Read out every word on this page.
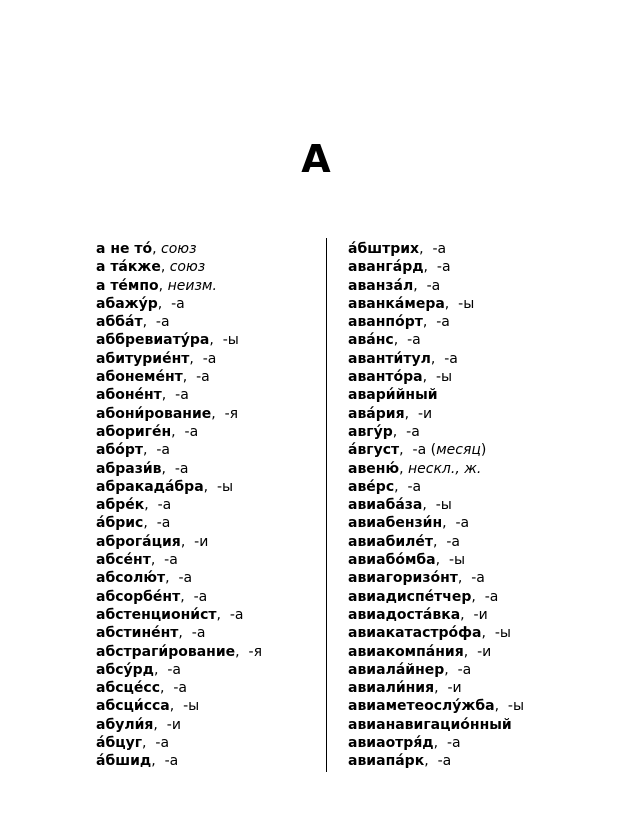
А
а не то́, союз
а та́кже, союз
а те́мпо, неизм.
абажу́р,  -а
абба́т,  -а
аббревиату́ра,  -ы
абитурие́нт,  -а
абонеме́нт,  -а
абоне́нт,  -а
абони́рование,  -я
абориге́н,  -а
або́рт,  -а
абрази́в,  -а
абракада́бра,  -ы
абре́к,  -а
а́брис,  -а
аброга́ция,  -и
абсе́нт,  -а
абсолю́т,  -а
абсорбе́нт,  -а
абстенциони́ст,  -а
абстине́нт,  -а
абстраги́рование,  -я
абсу́рд,  -а
абсце́сс,  -а
абсци́сса,  -ы
абули́я,  -и
а́бцуг,  -а
а́бшид,  -а
а́бштрих,  -а
аванга́рд,  -а
аванза́л,  -а
аванка́мера,  -ы
аванпо́рт,  -а
ава́нс,  -а
аванти́тул,  -а
аванто́ра,  -ы
авари́йный
ава́рия,  -и
авгу́р,  -а
а́вгуст,  -а (месяц)
авеню́, нескл., ж.
аве́рс,  -а
авиаба́за,  -ы
авиабензи́н,  -а
авиабиле́т,  -а
авиабо́мба,  -ы
авиагоризо́нт,  -а
авиадиспе́тчер,  -а
авиадоста́вка,  -и
авиакатастро́фа,  -ы
авиакомпа́ния,  -и
авиала́йнер,  -а
авиали́ния,  -и
авиаметеослу́жба,  -ы
авианавигацио́нный
авиаотря́д,  -а
авиапа́рк,  -а
